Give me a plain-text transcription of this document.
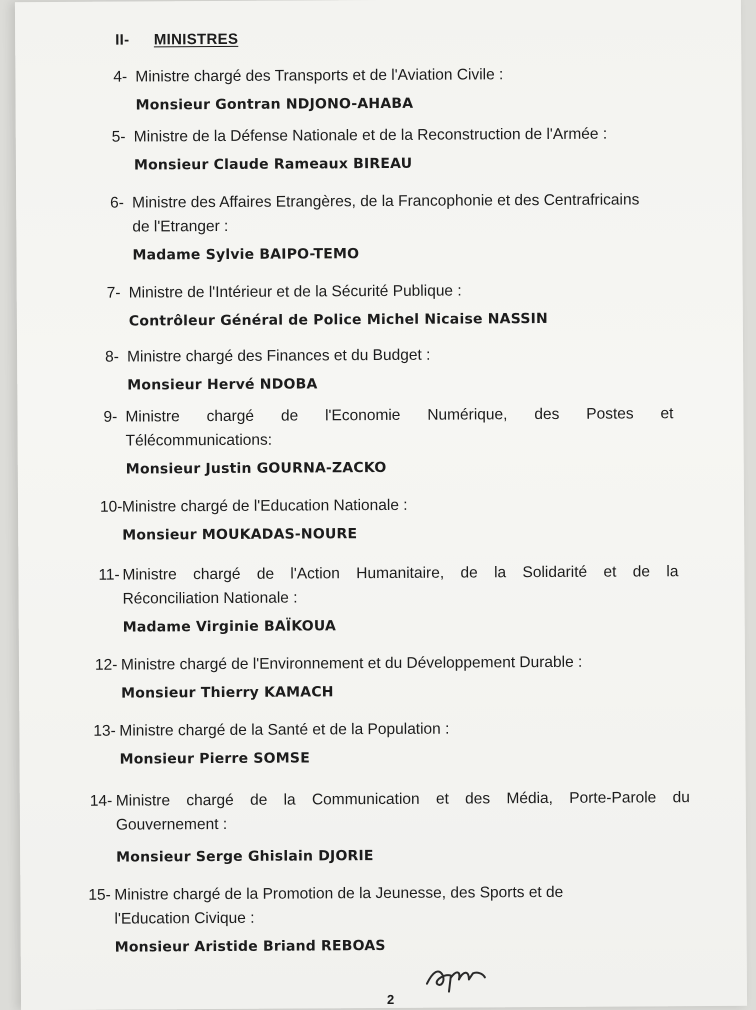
II- MINISTRES
4- Ministre chargé des Transports et de l'Aviation Civile :
Monsieur Gontran NDJONO-AHABA
5- Ministre de la Défense Nationale et de la Reconstruction de l'Armée :
Monsieur Claude Rameaux BIREAU
6- Ministre des Affaires Etrangères, de la Francophonie et des Centrafricains
de l'Etranger :
Madame Sylvie BAIPO-TEMO
7- Ministre de l'Intérieur et de la Sécurité Publique :
Contrôleur Général de Police Michel Nicaise NASSIN
8- Ministre chargé des Finances et du Budget :
Monsieur Hervé NDOBA
9- Ministre chargé de l'Economie Numérique, des Postes et
Télécommunications:
Monsieur Justin GOURNA-ZACKO
10- Ministre chargé de l'Education Nationale :
Monsieur MOUKADAS-NOURE
11- Ministre chargé de l'Action Humanitaire, de la Solidarité et de la
Réconciliation Nationale :
Madame Virginie BAÏKOUA
12- Ministre chargé de l'Environnement et du Développement Durable :
Monsieur Thierry KAMACH
13- Ministre chargé de la Santé et de la Population :
Monsieur Pierre SOMSE
14- Ministre chargé de la Communication et des Média, Porte-Parole du
Gouvernement :
Monsieur Serge Ghislain DJORIE
15- Ministre chargé de la Promotion de la Jeunesse, des Sports et de
l'Education Civique :
Monsieur Aristide Briand REBOAS
2
